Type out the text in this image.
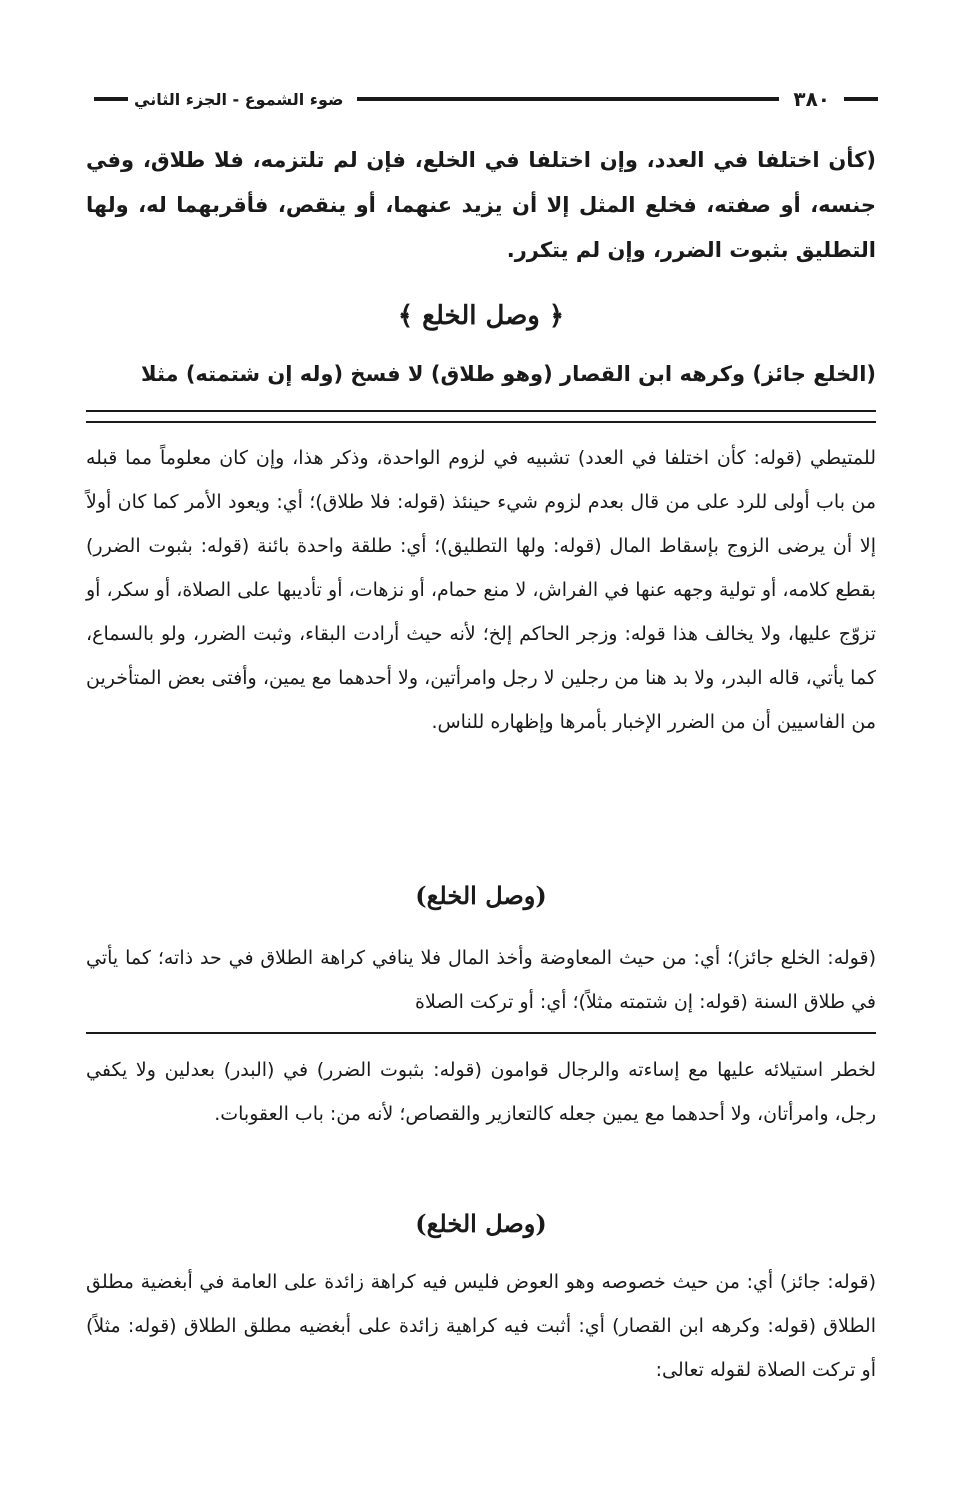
٣٨٠
ضوء الشموع - الجزء الثاني
(كأن اختلفا في العدد، وإن اختلفا في الخلع، فإن لم تلتزمه، فلا طلاق، وفي جنسه، أو صفته، فخلع المثل إلا أن يزيد عنهما، أو ينقص، فأقربهما له، ولها التطليق بثبوت الضرر، وإن لم يتكرر.
﴿ وصل الخلع ﴾
(الخلع جائز) وكرهه ابن القصار (وهو طلاق) لا فسخ (وله إن شتمته) مثلا
للمتيطي (قوله: كأن اختلفا في العدد) تشبيه في لزوم الواحدة، وذكر هذا، وإن كان معلوماً مما قبله من باب أولى للرد على من قال بعدم لزوم شيء حينئذ (قوله: فلا طلاق)؛ أي: ويعود الأمر كما كان أولاً إلا أن يرضى الزوج بإسقاط المال (قوله: ولها التطليق)؛ أي: طلقة واحدة بائنة (قوله: بثبوت الضرر) بقطع كلامه، أو تولية وجهه عنها في الفراش، لا منع حمام، أو نزهات، أو تأديبها على الصلاة، أو سكر، أو تزوّج عليها، ولا يخالف هذا قوله: وزجر الحاكم إلخ؛ لأنه حيث أرادت البقاء، وثبت الضرر، ولو بالسماع، كما يأتي، قاله البدر، ولا بد هنا من رجلين لا رجل وامرأتين، ولا أحدهما مع يمين، وأفتى بعض المتأخرين من الفاسيين أن من الضرر الإخبار بأمرها وإظهاره للناس.
(وصل الخلع)
(قوله: الخلع جائز)؛ أي: من حيث المعاوضة وأخذ المال فلا ينافي كراهة الطلاق في حد ذاته؛ كما يأتي في طلاق السنة (قوله: إن شتمته مثلاً)؛ أي: أو تركت الصلاة
لخطر استيلائه عليها مع إساءته والرجال قوامون (قوله: بثبوت الضرر) في (البدر) بعدلين ولا يكفي رجل، وامرأتان، ولا أحدهما مع يمين جعله كالتعازير والقصاص؛ لأنه من: باب العقوبات.
(وصل الخلع)
(قوله: جائز) أي: من حيث خصوصه وهو العوض فليس فيه كراهة زائدة على العامة في أبغضية مطلق الطلاق (قوله: وكرهه ابن القصار) أي: أثبت فيه كراهية زائدة على أبغضيه مطلق الطلاق (قوله: مثلاً) أو تركت الصلاة لقوله تعالى:
